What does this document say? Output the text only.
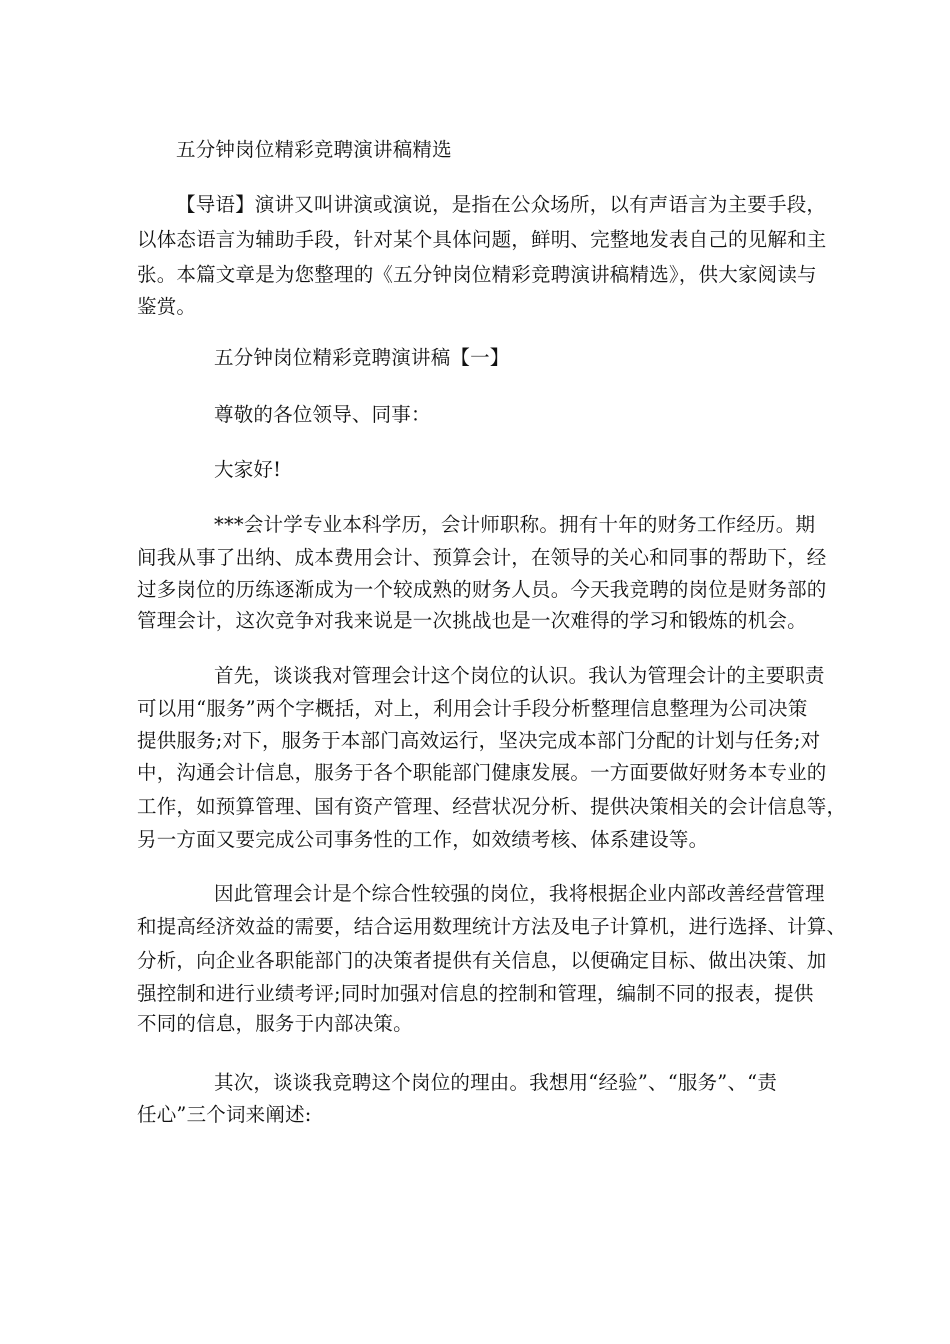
五分钟岗位精彩竞聘演讲稿精选
【导语】演讲又叫讲演或演说，是指在公众场所，以有声语言为主要手段，
以体态语言为辅助手段，针对某个具体问题，鲜明、完整地发表自己的见解和主
张。本篇文章是为您整理的《五分钟岗位精彩竞聘演讲稿精选》，供大家阅读与
鉴赏。
五分钟岗位精彩竞聘演讲稿【一】
尊敬的各位领导、同事：
大家好!
***会计学专业本科学历，会计师职称。拥有十年的财务工作经历。期
间我从事了出纳、成本费用会计、预算会计，在领导的关心和同事的帮助下，经
过多岗位的历练逐渐成为一个较成熟的财务人员。今天我竞聘的岗位是财务部的
管理会计，这次竞争对我来说是一次挑战也是一次难得的学习和锻炼的机会。
首先，谈谈我对管理会计这个岗位的认识。我认为管理会计的主要职责
可以用“服务”两个字概括，对上，利用会计手段分析整理信息整理为公司决策
提供服务;对下，服务于本部门高效运行，坚决完成本部门分配的计划与任务;对
中，沟通会计信息，服务于各个职能部门健康发展。一方面要做好财务本专业的
工作，如预算管理、国有资产管理、经营状况分析、提供决策相关的会计信息等，
另一方面又要完成公司事务性的工作，如效绩考核、体系建设等。
因此管理会计是个综合性较强的岗位，我将根据企业内部改善经营管理
和提高经济效益的需要，结合运用数理统计方法及电子计算机，进行选择、计算、
分析，向企业各职能部门的决策者提供有关信息，以便确定目标、做出决策、加
强控制和进行业绩考评;同时加强对信息的控制和管理，编制不同的报表，提供
不同的信息，服务于内部决策。
其次，谈谈我竞聘这个岗位的理由。我想用“经验”、“服务”、“责
任心”三个词来阐述:
